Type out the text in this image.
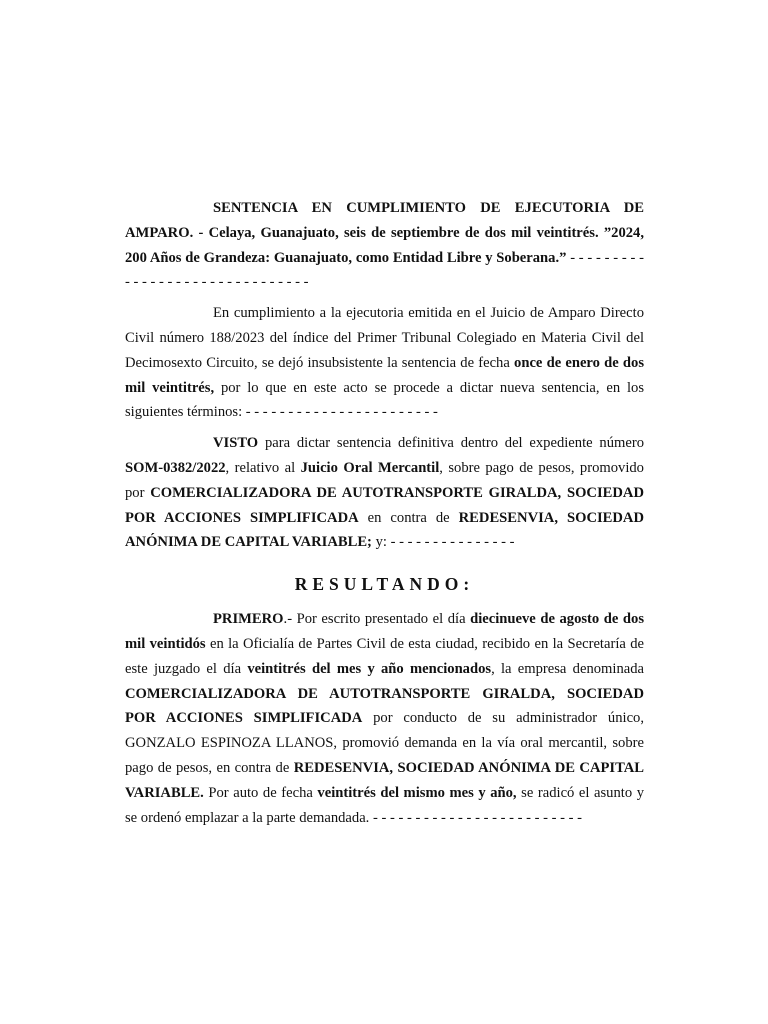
SENTENCIA EN CUMPLIMIENTO DE EJECUTORIA DE AMPARO. - Celaya, Guanajuato, seis de septiembre de dos mil veintitrés. ”2024, 200 Años de Grandeza: Guanajuato, como Entidad Libre y Soberana.” - - - - - - - - - - - - - - - - - - - - - - - - - - - - - - -

En cumplimiento a la ejecutoria emitida en el Juicio de Amparo Directo Civil número 188/2023 del índice del Primer Tribunal Colegiado en Materia Civil del Decimosexto Circuito, se dejó insubsistente la sentencia de fecha once de enero de dos mil veintitrés, por lo que en este acto se procede a dictar nueva sentencia, en los siguientes términos: - - - - - - - - - - - - - - - - - - - - - - -

VISTO para dictar sentencia definitiva dentro del expediente número SOM-0382/2022, relativo al Juicio Oral Mercantil, sobre pago de pesos, promovido por COMERCIALIZADORA DE AUTOTRANSPORTE GIRALDA, SOCIEDAD POR ACCIONES SIMPLIFICADA en contra de REDESENVIA, SOCIEDAD ANÓNIMA DE CAPITAL VARIABLE; y: - - - - - - - - - - - - - - -

RESULTANDO:

PRIMERO.- Por escrito presentado el día diecinueve de agosto de dos mil veintidós en la Oficialía de Partes Civil de esta ciudad, recibido en la Secretaría de este juzgado el día veintitrés del mes y año mencionados, la empresa denominada COMERCIALIZADORA DE AUTOTRANSPORTE GIRALDA, SOCIEDAD POR ACCIONES SIMPLIFICADA por conducto de su administrador único, GONZALO ESPINOZA LLANOS, promovió demanda en la vía oral mercantil, sobre pago de pesos, en contra de REDESENVIA, SOCIEDAD ANÓNIMA DE CAPITAL VARIABLE. Por auto de fecha veintitrés del mismo mes y año, se radicó el asunto y se ordenó emplazar a la parte demandada. - - - - - - - - - - - - - - - - - - - - - - - - -
